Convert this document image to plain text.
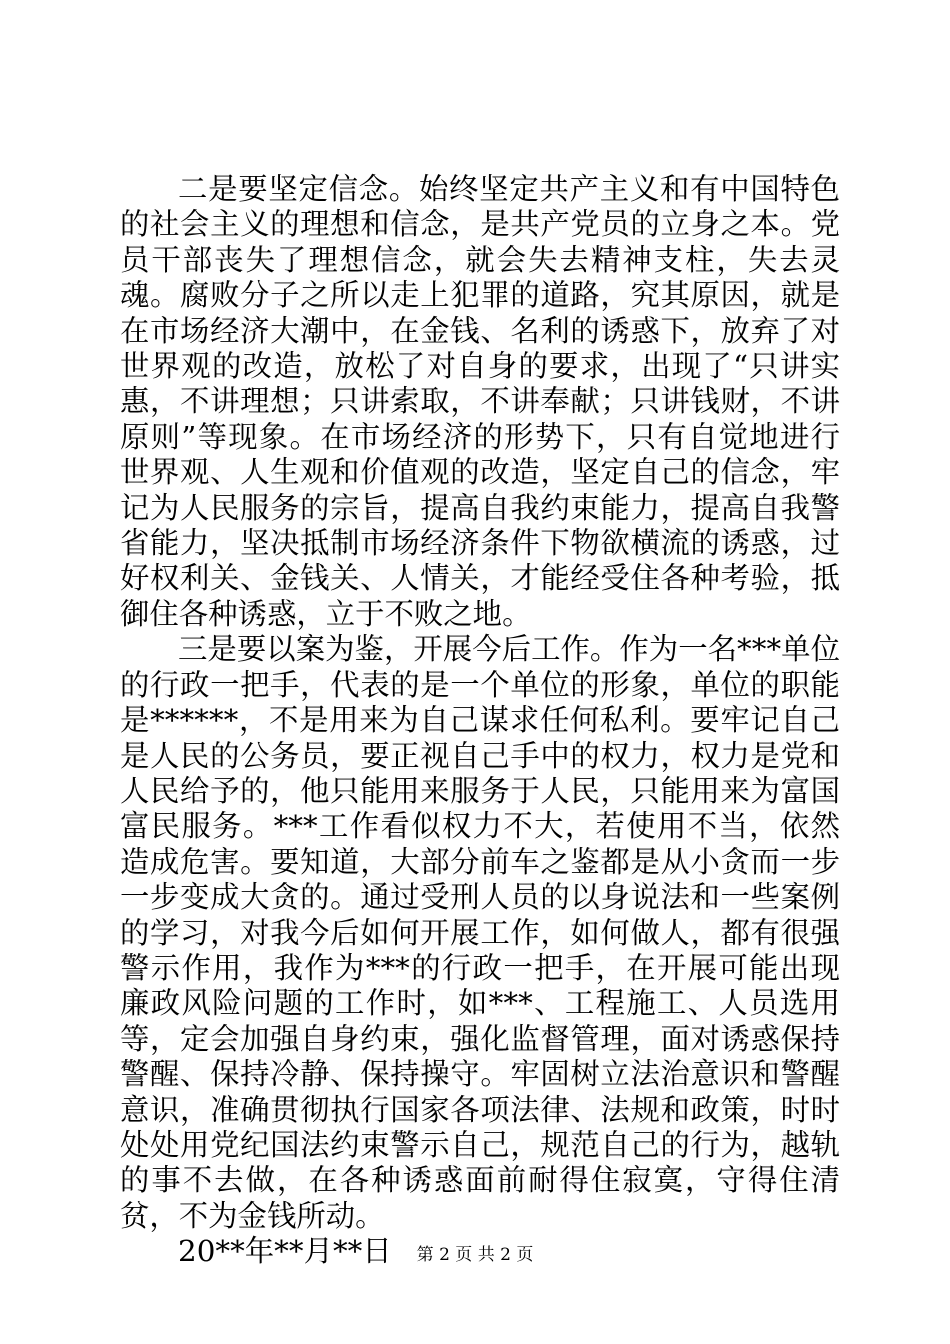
二是要坚定信念。始终坚定共产主义和有中国特色的社会主义的理想和信念，是共产党员的立身之本。党员干部丧失了理想信念，就会失去精神支柱，失去灵魂。腐败分子之所以走上犯罪的道路，究其原因，就是在市场经济大潮中，在金钱、名利的诱惑下，放弃了对世界观的改造，放松了对自身的要求，出现了“只讲实惠，不讲理想；只讲索取，不讲奉献；只讲钱财，不讲原则”等现象。在市场经济的形势下，只有自觉地进行世界观、人生观和价值观的改造，坚定自己的信念，牢记为人民服务的宗旨，提高自我约束能力，提高自我警省能力，坚决抵制市场经济条件下物欲横流的诱惑，过好权利关、金钱关、人情关，才能经受住各种考验，抵御住各种诱惑，立于不败之地。

三是要以案为鉴，开展今后工作。作为一名***单位的行政一把手，代表的是一个单位的形象，单位的职能是******，不是用来为自己谋求任何私利。要牢记自己是人民的公务员，要正视自己手中的权力，权力是党和人民给予的，他只能用来服务于人民，只能用来为富国富民服务。***工作看似权力不大，若使用不当，依然造成危害。要知道，大部分前车之鉴都是从小贪而一步一步变成大贪的。通过受刑人员的以身说法和一些案例的学习，对我今后如何开展工作，如何做人，都有很强警示作用，我作为***的行政一把手，在开展可能出现廉政风险问题的工作时，如***、工程施工、人员选用等，定会加强自身约束，强化监督管理，面对诱惑保持警醒、保持冷静、保持操守。牢固树立法治意识和警醒意识，准确贯彻执行国家各项法律、法规和政策，时时处处用党纪国法约束警示自己，规范自己的行为，越轨的事不去做，在各种诱惑面前耐得住寂寞，守得住清贫，不为金钱所动。

20**年**月**日	第 2 页 共 2 页
